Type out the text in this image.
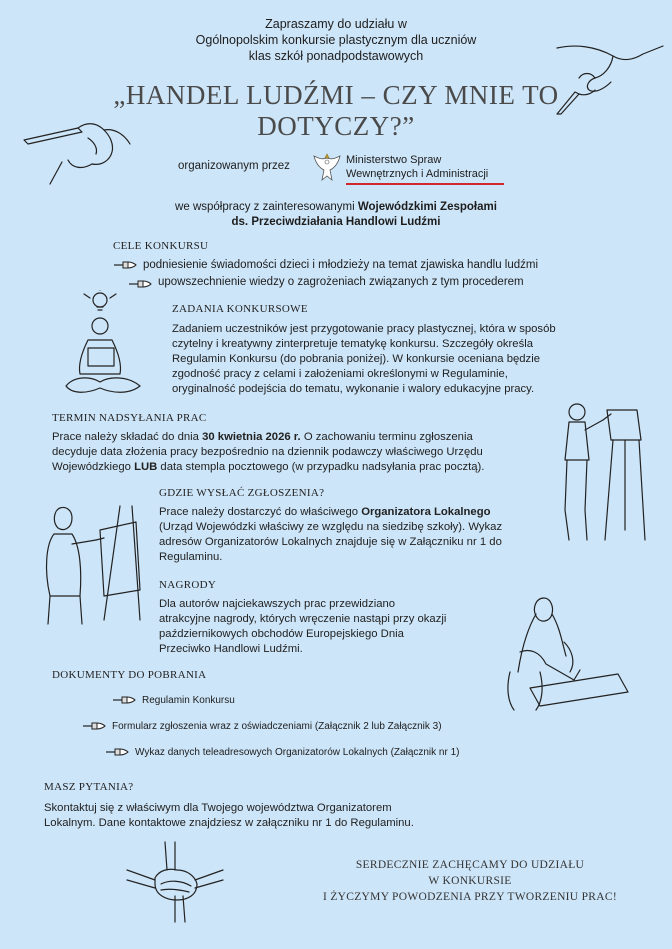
Zapraszamy do udziału w
Ogólnopolskim konkursie plastycznym dla uczniów
klas szkół ponadpodstawowych
„HANDEL LUDŹMI – CZY MNIE TO
DOTYCZY?”
organizowanym przez	Ministerstwo Spraw
Wewnętrznych i Administracji
we współpracy z zainteresowanymi Wojewódzkimi Zespołami
ds. Przeciwdziałania Handlowi Ludźmi
CELE KONKURSU
podniesienie świadomości dzieci i młodzieży na temat zjawiska handlu ludźmi
upowszechnienie wiedzy o zagrożeniach związanych z tym procederem
ZADANIA KONKURSOWE
Zadaniem uczestników jest przygotowanie pracy plastycznej, która w sposób
czytelny i kreatywny zinterpretuje tematykę konkursu. Szczegóły określa
Regulamin Konkursu (do pobrania poniżej). W konkursie oceniana będzie
zgodność pracy z celami i założeniami określonymi w Regulaminie,
oryginalność podejścia do tematu, wykonanie i walory edukacyjne pracy.
TERMIN NADSYŁANIA PRAC
Prace należy składać do dnia 30 kwietnia 2026 r. O zachowaniu terminu zgłoszenia
decyduje data złożenia pracy bezpośrednio na dziennik podawczy właściwego Urzędu
Wojewódzkiego LUB data stempla pocztowego (w przypadku nadsyłania prac pocztą).
GDZIE WYSŁAĆ ZGŁOSZENIA?
Prace należy dostarczyć do właściwego Organizatora Lokalnego
(Urząd Wojewódzki właściwy ze względu na siedzibę szkoły). Wykaz
adresów Organizatorów Lokalnych znajduje się w Załączniku nr 1 do
Regulaminu.
NAGRODY
Dla autorów najciekawszych prac przewidziano
atrakcyjne nagrody, których wręczenie nastąpi przy okazji
październikowych obchodów Europejskiego Dnia
Przeciwko Handlowi Ludźmi.
DOKUMENTY DO POBRANIA
Regulamin Konkursu
Formularz zgłoszenia wraz z oświadczeniami (Załącznik 2 lub Załącznik 3)
Wykaz danych teleadresowych Organizatorów Lokalnych (Załącznik nr 1)
MASZ PYTANIA?
Skontaktuj się z właściwym dla Twojego województwa Organizatorem
Lokalnym. Dane kontaktowe znajdziesz w załączniku nr 1 do Regulaminu.
SERDECZNIE ZACHĘCAMY DO UDZIAŁU
W KONKURSIE
I ŻYCZYMY POWODZENIA PRZY TWORZENIU PRAC!
